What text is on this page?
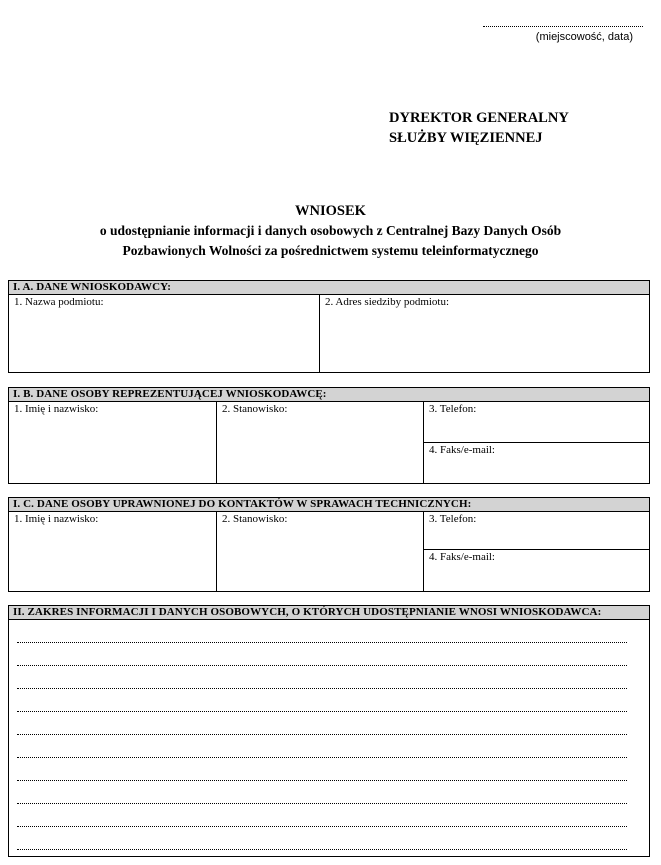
(miejscowość, data)
DYREKTOR GENERALNY
SŁUŻBY WIĘZIENNEJ
WNIOSEK
o udostępnianie informacji i danych osobowych z Centralnej Bazy Danych Osób
Pozbawionych Wolności za pośrednictwem systemu teleinformatycznego
I. A. DANE WNIOSKODAWCY:
1. Nazwa podmiotu:	2. Adres siedziby podmiotu:
I. B. DANE OSOBY REPREZENTUJĄCEJ WNIOSKODAWCĘ:
1. Imię i nazwisko:	2. Stanowisko:	3. Telefon:
4. Faks/e-mail:
I. C. DANE OSOBY UPRAWNIONEJ DO KONTAKTÓW W SPRAWACH TECHNICZNYCH:
1. Imię i nazwisko:	2. Stanowisko:	3. Telefon:
4. Faks/e-mail:
II. ZAKRES INFORMACJI I DANYCH OSOBOWYCH, O KTÓRYCH UDOSTĘPNIANIE WNOSI WNIOSKODAWCA:
